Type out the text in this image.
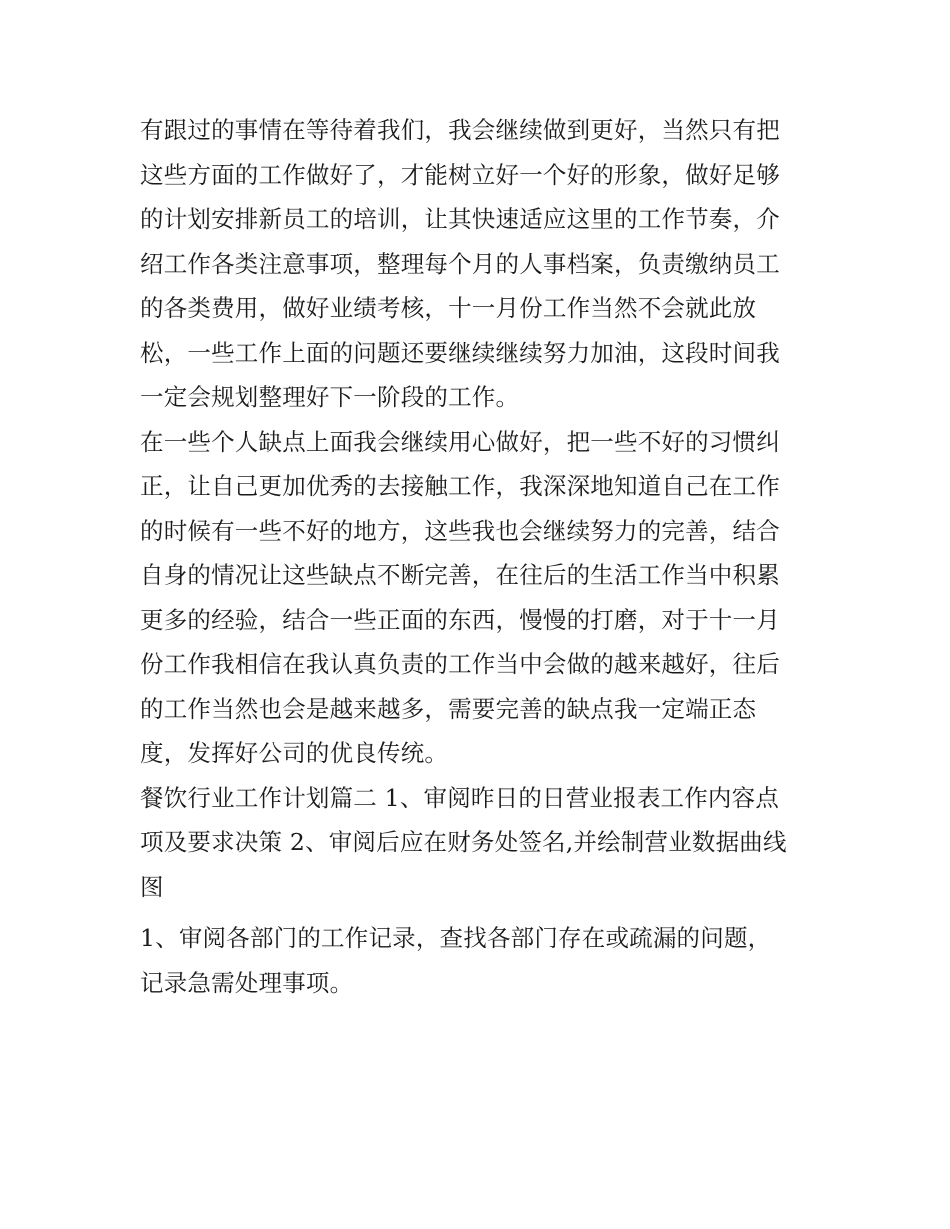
有跟过的事情在等待着我们，我会继续做到更好，当然只有把
这些方面的工作做好了，才能树立好一个好的形象，做好足够
的计划安排新员工的培训，让其快速适应这里的工作节奏，介
绍工作各类注意事项，整理每个月的人事档案，负责缴纳员工
的各类费用，做好业绩考核，十一月份工作当然不会就此放
松，一些工作上面的问题还要继续继续努力加油，这段时间我
一定会规划整理好下一阶段的工作。
在一些个人缺点上面我会继续用心做好，把一些不好的习惯纠
正，让自己更加优秀的去接触工作，我深深地知道自己在工作
的时候有一些不好的地方，这些我也会继续努力的完善，结合
自身的情况让这些缺点不断完善，在往后的生活工作当中积累
更多的经验，结合一些正面的东西，慢慢的打磨，对于十一月
份工作我相信在我认真负责的工作当中会做的越来越好，往后
的工作当然也会是越来越多，需要完善的缺点我一定端正态
度，发挥好公司的优良传统。
餐饮行业工作计划篇二 1、审阅昨日的日营业报表工作内容点
项及要求决策 2、审阅后应在财务处签名,并绘制营业数据曲线
图
1、审阅各部门的工作记录，查找各部门存在或疏漏的问题，
记录急需处理事项。
